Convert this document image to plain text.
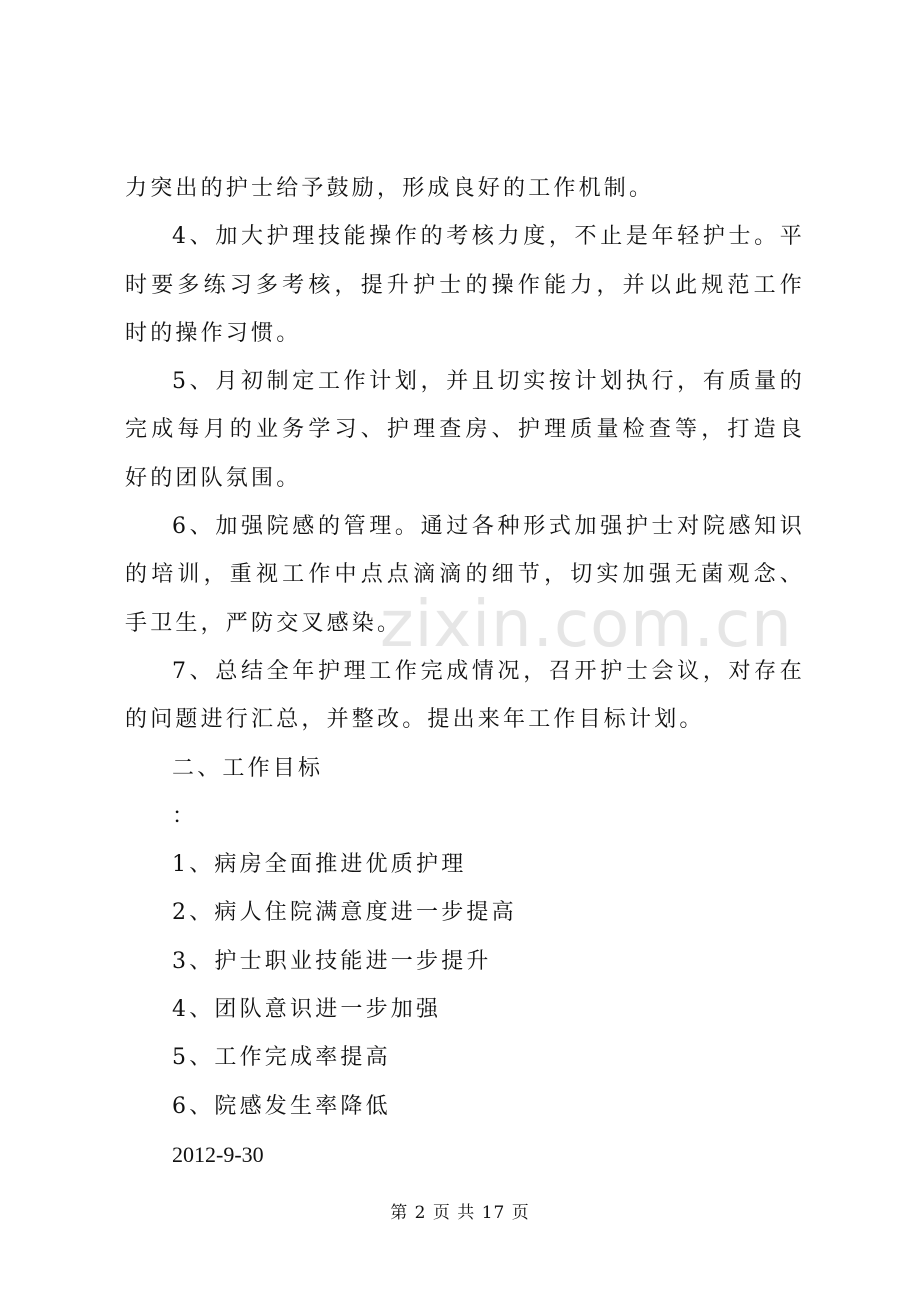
zixin.com.cn

力突出的护士给予鼓励，形成良好的工作机制。

4、加大护理技能操作的考核力度，不止是年轻护士。平时要多练习多考核，提升护士的操作能力，并以此规范工作时的操作习惯。

5、月初制定工作计划，并且切实按计划执行，有质量的完成每月的业务学习、护理查房、护理质量检查等，打造良好的团队氛围。

6、加强院感的管理。通过各种形式加强护士对院感知识的培训，重视工作中点点滴滴的细节，切实加强无菌观念、手卫生，严防交叉感染。

7、总结全年护理工作完成情况，召开护士会议，对存在的问题进行汇总，并整改。提出来年工作目标计划。

二、工作目标

：

1、病房全面推进优质护理

2、病人住院满意度进一步提高

3、护士职业技能进一步提升

4、团队意识进一步加强

5、工作完成率提高

6、院感发生率降低

2012-9-30

第 2 页 共 17 页
